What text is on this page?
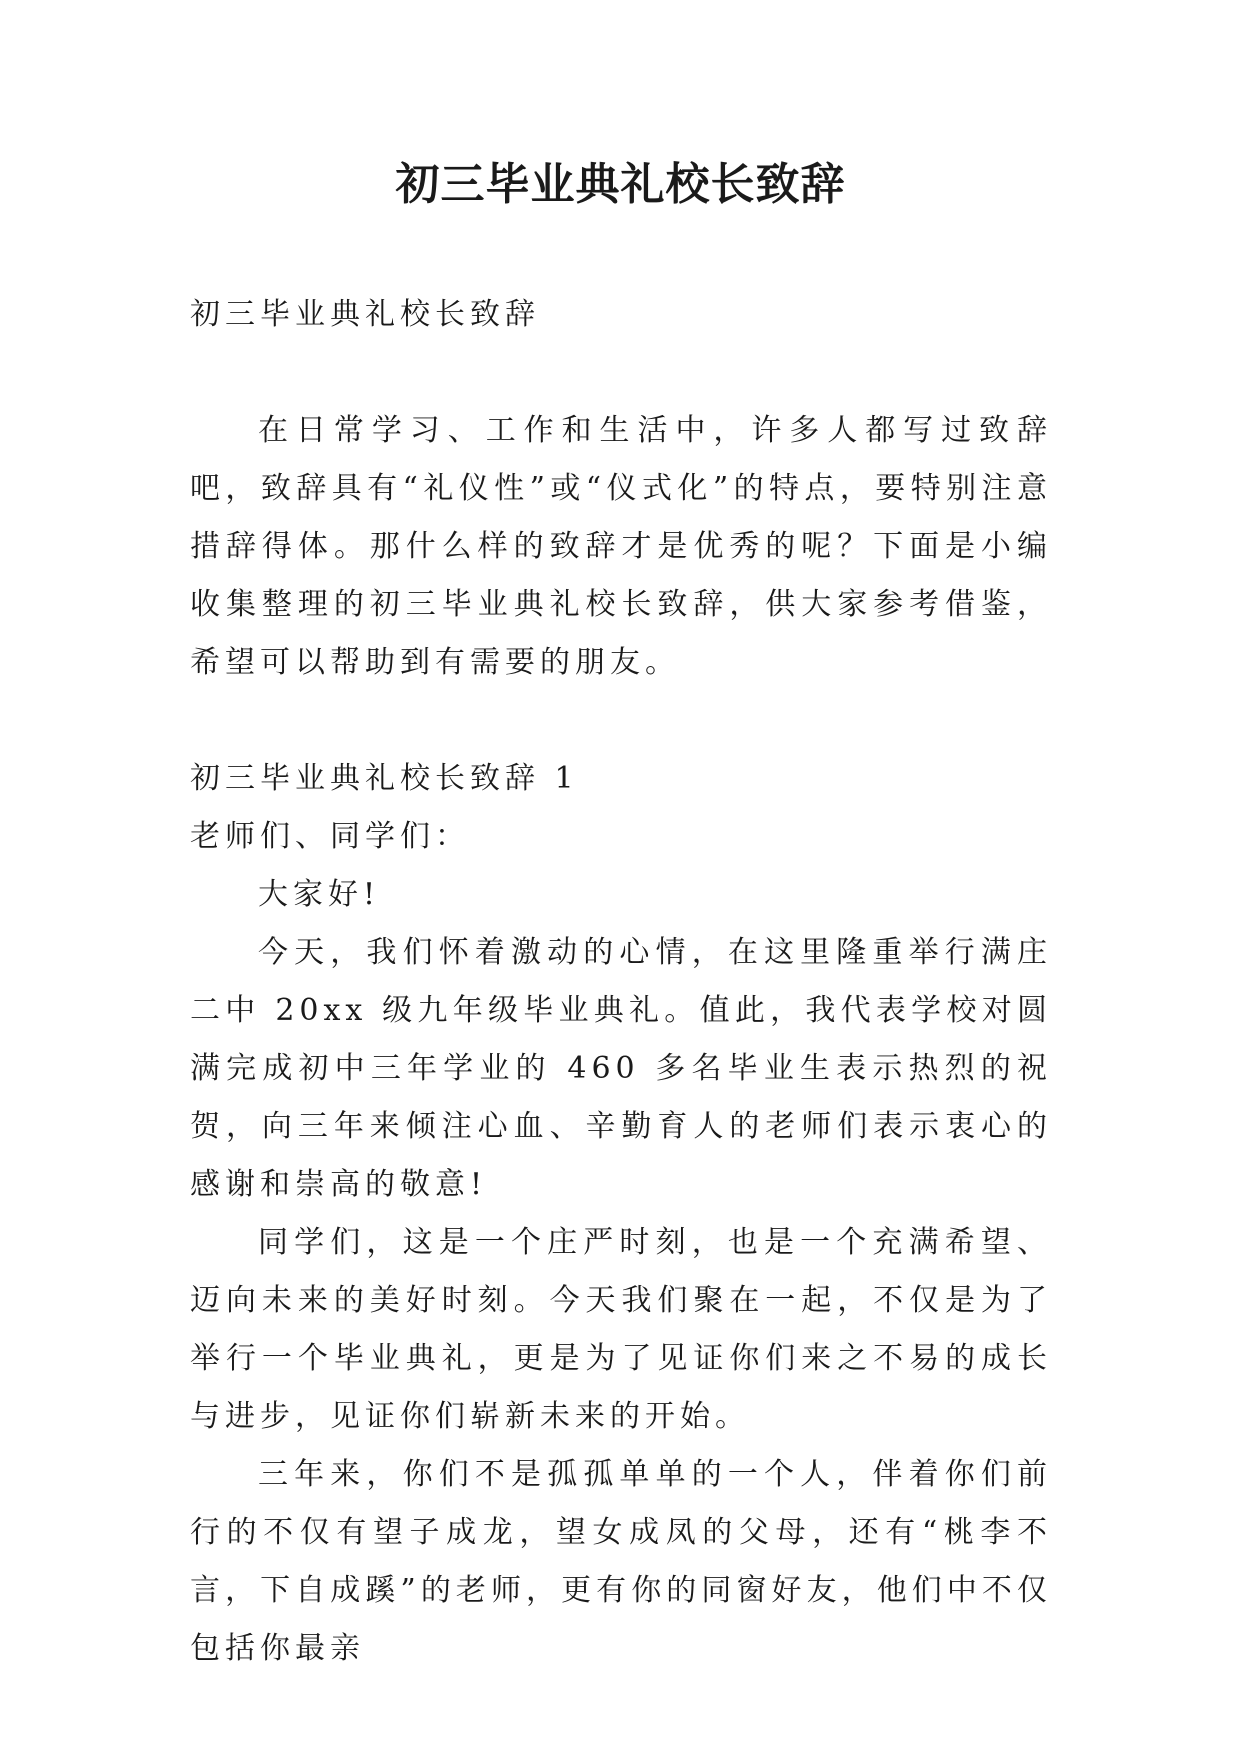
初三毕业典礼校长致辞

初三毕业典礼校长致辞

在日常学习、工作和生活中，许多人都写过致辞吧，致辞具有“礼仪性”或“仪式化”的特点，要特别注意措辞得体。那什么样的致辞才是优秀的呢？下面是小编收集整理的初三毕业典礼校长致辞，供大家参考借鉴，希望可以帮助到有需要的朋友。

初三毕业典礼校长致辞 1

老师们、同学们：

大家好!

今天，我们怀着激动的心情，在这里隆重举行满庄二中 20xx 级九年级毕业典礼。值此，我代表学校对圆满完成初中三年学业的 460 多名毕业生表示热烈的祝贺，向三年来倾注心血、辛勤育人的老师们表示衷心的感谢和崇高的敬意!

同学们，这是一个庄严时刻，也是一个充满希望、迈向未来的美好时刻。今天我们聚在一起，不仅是为了举行一个毕业典礼，更是为了见证你们来之不易的成长与进步，见证你们崭新未来的开始。

三年来，你们不是孤孤单单的一个人，伴着你们前行的不仅有望子成龙，望女成凤的父母，还有“桃李不言，下自成蹊”的老师，更有你的同窗好友，他们中不仅包括你最亲
